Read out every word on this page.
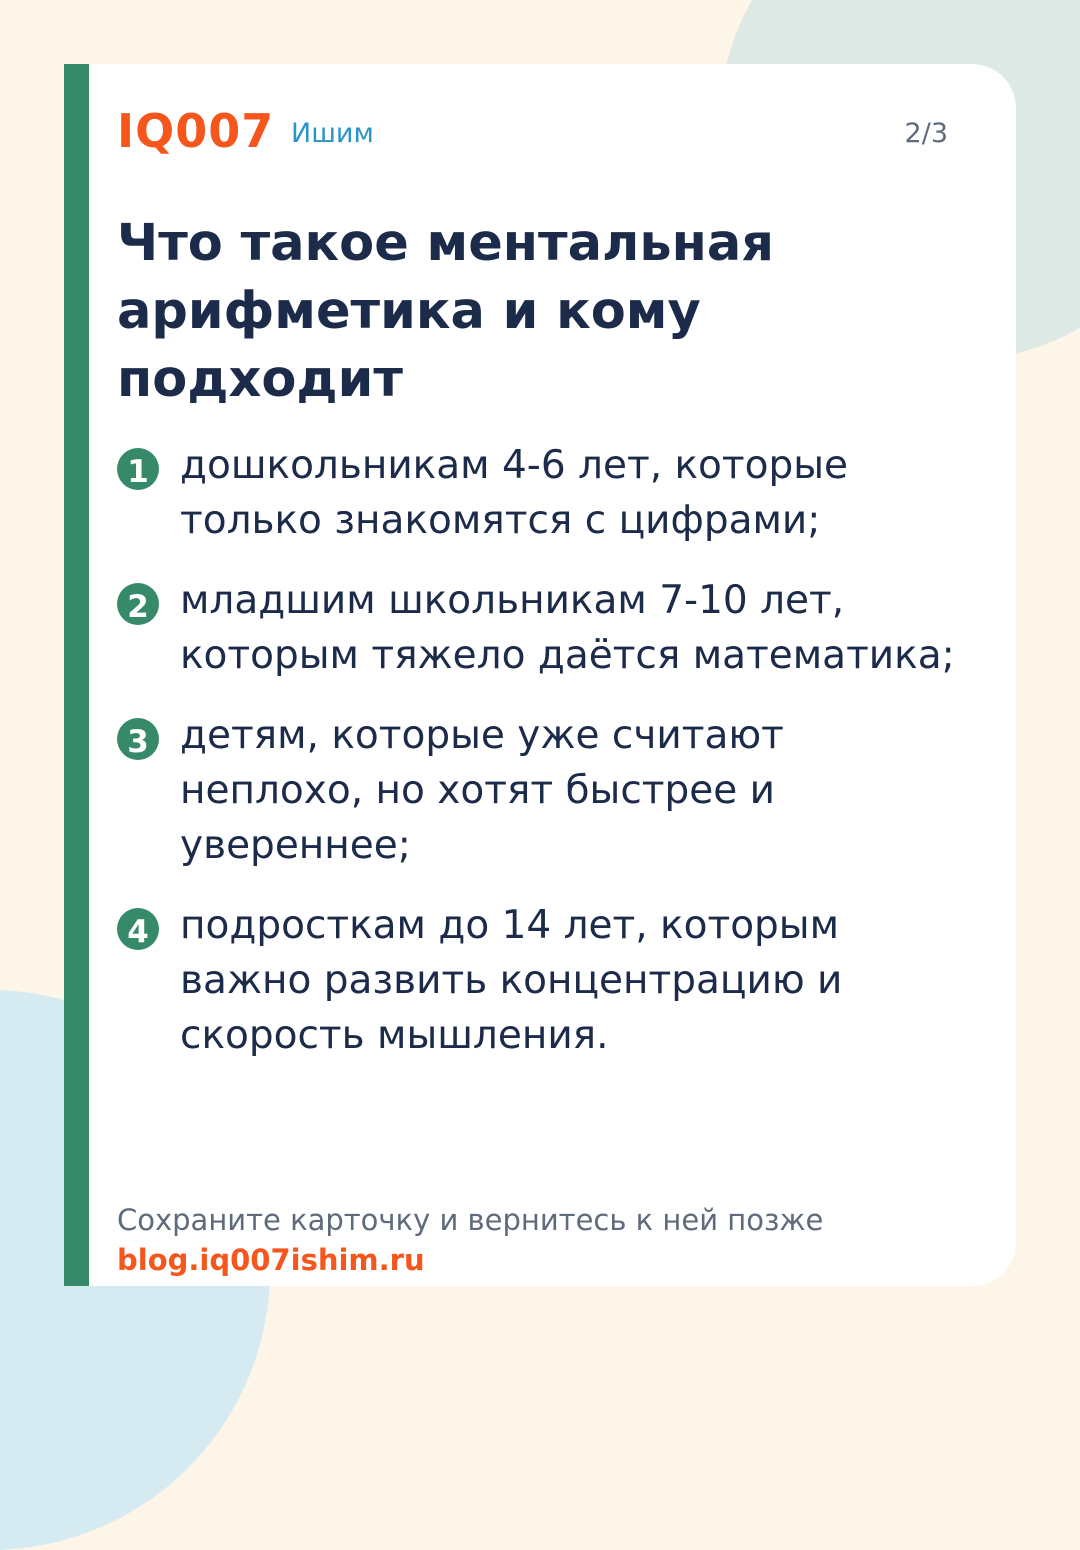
IQ007 Ишим	2/3
Что такое ментальная арифметика и кому подходит
1 дошкольникам 4-6 лет, которые только знакомятся с цифрами;
2 младшим школьникам 7-10 лет, которым тяжело даётся математика;
3 детям, которые уже считают неплохо, но хотят быстрее и увереннее;
4 подросткам до 14 лет, которым важно развить концентрацию и скорость мышления.
Сохраните карточку и вернитесь к ней позже
blog.iq007ishim.ru
